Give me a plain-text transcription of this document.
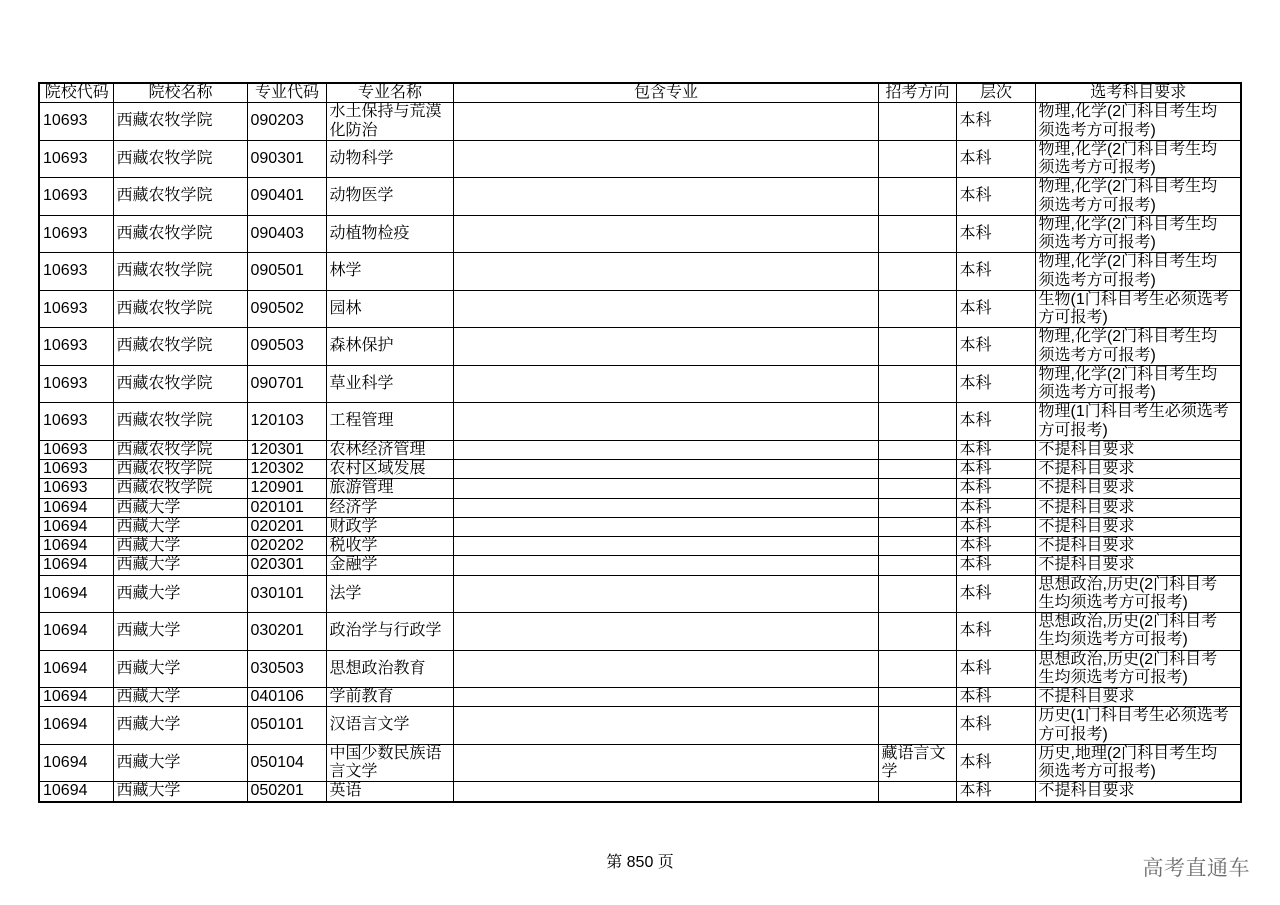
院校代码	院校名称	专业代码	专业名称	包含专业	招考方向	层次	选考科目要求
10693	西藏农牧学院	090203	水土保持与荒漠化防治			本科	物理,化学(2门科目考生均须选考方可报考)
10693	西藏农牧学院	090301	动物科学			本科	物理,化学(2门科目考生均须选考方可报考)
10693	西藏农牧学院	090401	动物医学			本科	物理,化学(2门科目考生均须选考方可报考)
10693	西藏农牧学院	090403	动植物检疫			本科	物理,化学(2门科目考生均须选考方可报考)
10693	西藏农牧学院	090501	林学			本科	物理,化学(2门科目考生均须选考方可报考)
10693	西藏农牧学院	090502	园林			本科	生物(1门科目考生必须选考方可报考)
10693	西藏农牧学院	090503	森林保护			本科	物理,化学(2门科目考生均须选考方可报考)
10693	西藏农牧学院	090701	草业科学			本科	物理,化学(2门科目考生均须选考方可报考)
10693	西藏农牧学院	120103	工程管理			本科	物理(1门科目考生必须选考方可报考)
10693	西藏农牧学院	120301	农林经济管理			本科	不提科目要求
10693	西藏农牧学院	120302	农村区域发展			本科	不提科目要求
10693	西藏农牧学院	120901	旅游管理			本科	不提科目要求
10694	西藏大学	020101	经济学			本科	不提科目要求
10694	西藏大学	020201	财政学			本科	不提科目要求
10694	西藏大学	020202	税收学			本科	不提科目要求
10694	西藏大学	020301	金融学			本科	不提科目要求
10694	西藏大学	030101	法学			本科	思想政治,历史(2门科目考生均须选考方可报考)
10694	西藏大学	030201	政治学与行政学			本科	思想政治,历史(2门科目考生均须选考方可报考)
10694	西藏大学	030503	思想政治教育			本科	思想政治,历史(2门科目考生均须选考方可报考)
10694	西藏大学	040106	学前教育			本科	不提科目要求
10694	西藏大学	050101	汉语言文学			本科	历史(1门科目考生必须选考方可报考)
10694	西藏大学	050104	中国少数民族语言文学		藏语言文学	本科	历史,地理(2门科目考生均须选考方可报考)
10694	西藏大学	050201	英语			本科	不提科目要求
第 850 页	高考直通车
